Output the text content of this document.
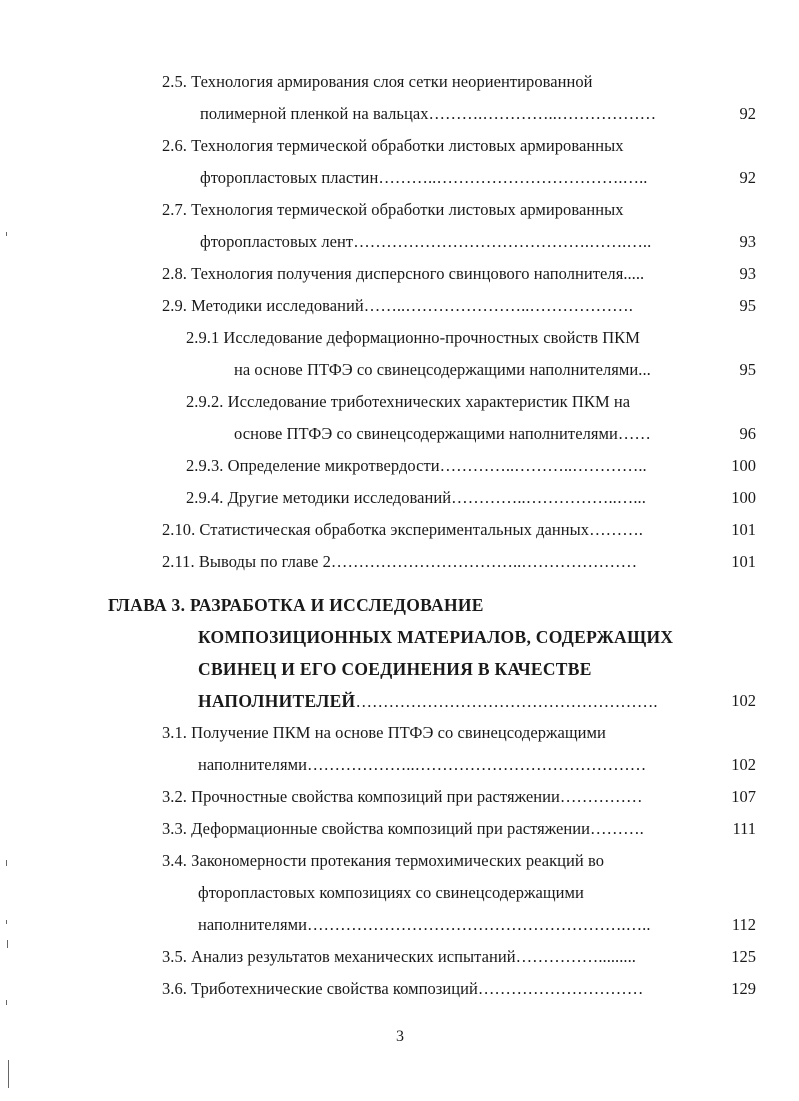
2.5. Технология армирования слоя сетки неориентированной
полимерной пленкой на вальцах……….…………..………………	92
2.6. Технология термической обработки листовых армированных
фторопластовых пластин………..…………………………….…..	92
2.7. Технология термической обработки листовых армированных
фторопластовых лент…………………………………….…….…..	93
2.8. Технология получения дисперсного свинцового наполнителя.....	93
2.9. Методики исследований……..…………………..……………….	95
2.9.1 Исследование деформационно-прочностных свойств ПКМ
на основе ПТФЭ со свинецсодержащими наполнителями...	95
2.9.2. Исследование триботехнических характеристик ПКМ на
основе ПТФЭ со свинецсодержащими наполнителями……	96
2.9.3. Определение микротвердости…………..………..…………..	100
2.9.4. Другие методики исследований…………..……………..…...	100
2.10. Статистическая обработка экспериментальных данных……….	101
2.11. Выводы по главе 2……………………………..…………………	101
ГЛАВА 3. РАЗРАБОТКА И ИССЛЕДОВАНИЕ
КОМПОЗИЦИОННЫХ МАТЕРИАЛОВ, СОДЕРЖАЩИХ
СВИНЕЦ И ЕГО СОЕДИНЕНИЯ В КАЧЕСТВЕ
НАПОЛНИТЕЛЕЙ……………………………………………….	102
3.1. Получение ПКМ на основе ПТФЭ со свинецсодержащими
наполнителями………………..……………………………………	102
3.2. Прочностные свойства композиций при растяжении……………	107
3.3. Деформационные свойства композиций при растяжении……….	111
3.4. Закономерности протекания термохимических реакций во
фторопластовых композициях со свинецсодержащими
наполнителями………………………………………………….…..	112
3.5. Анализ результатов механических испытаний…………….........	125
3.6. Триботехнические свойства композиций…………………………	129
3
